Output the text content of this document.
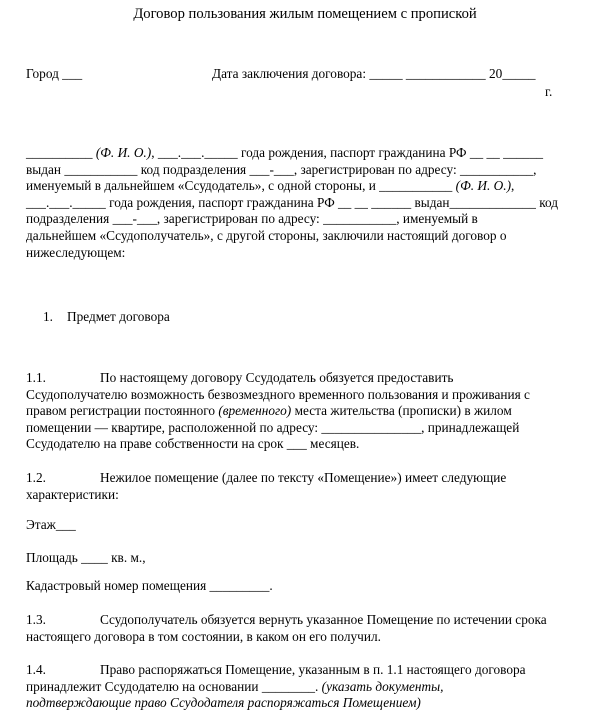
Договор пользования жилым помещением с пропиской
Город ___	Дата заключения договора: _____ ____________ 20_____
г.
__________ (Ф. И. О.), ___.___._____ года рождения, паспорт гражданина РФ __ __ ______
выдан ___________ код подразделения ___-___, зарегистрирован по адресу: ___________,
именуемый в дальнейшем «Ссудодатель», с одной стороны, и ___________ (Ф. И. О.),
___.___._____ года рождения, паспорт гражданина РФ __ __ ______ выдан_____________ код
подразделения ___-___, зарегистрирован по адресу: ___________, именуемый в
дальнейшем «Ссудополучатель», с другой стороны, заключили настоящий договор о
нижеследующем:
1. Предмет договора
1.1.	По настоящему договору Ссудодатель обязуется предоставить
Ссудополучателю возможность безвозмездного временного пользования и проживания с
правом регистрации постоянного (временного) места жительства (прописки) в жилом
помещении — квартире, расположенной по адресу: _______________, принадлежащей
Ссудодателю на праве собственности на срок ___ месяцев.
1.2.	Нежилое помещение (далее по тексту «Помещение») имеет следующие
характеристики:
Этаж___
Площадь ____ кв. м.,
Кадастровый номер помещения _________.
1.3.	Ссудополучатель обязуется вернуть указанное Помещение по истечении срока
настоящего договора в том состоянии, в каком он его получил.
1.4.	Право распоряжаться Помещение, указанным в п. 1.1 настоящего договора
принадлежит Ссудодателю на основании ________. (указать документы,
подтверждающие право Ссудодателя распоряжаться Помещением)
